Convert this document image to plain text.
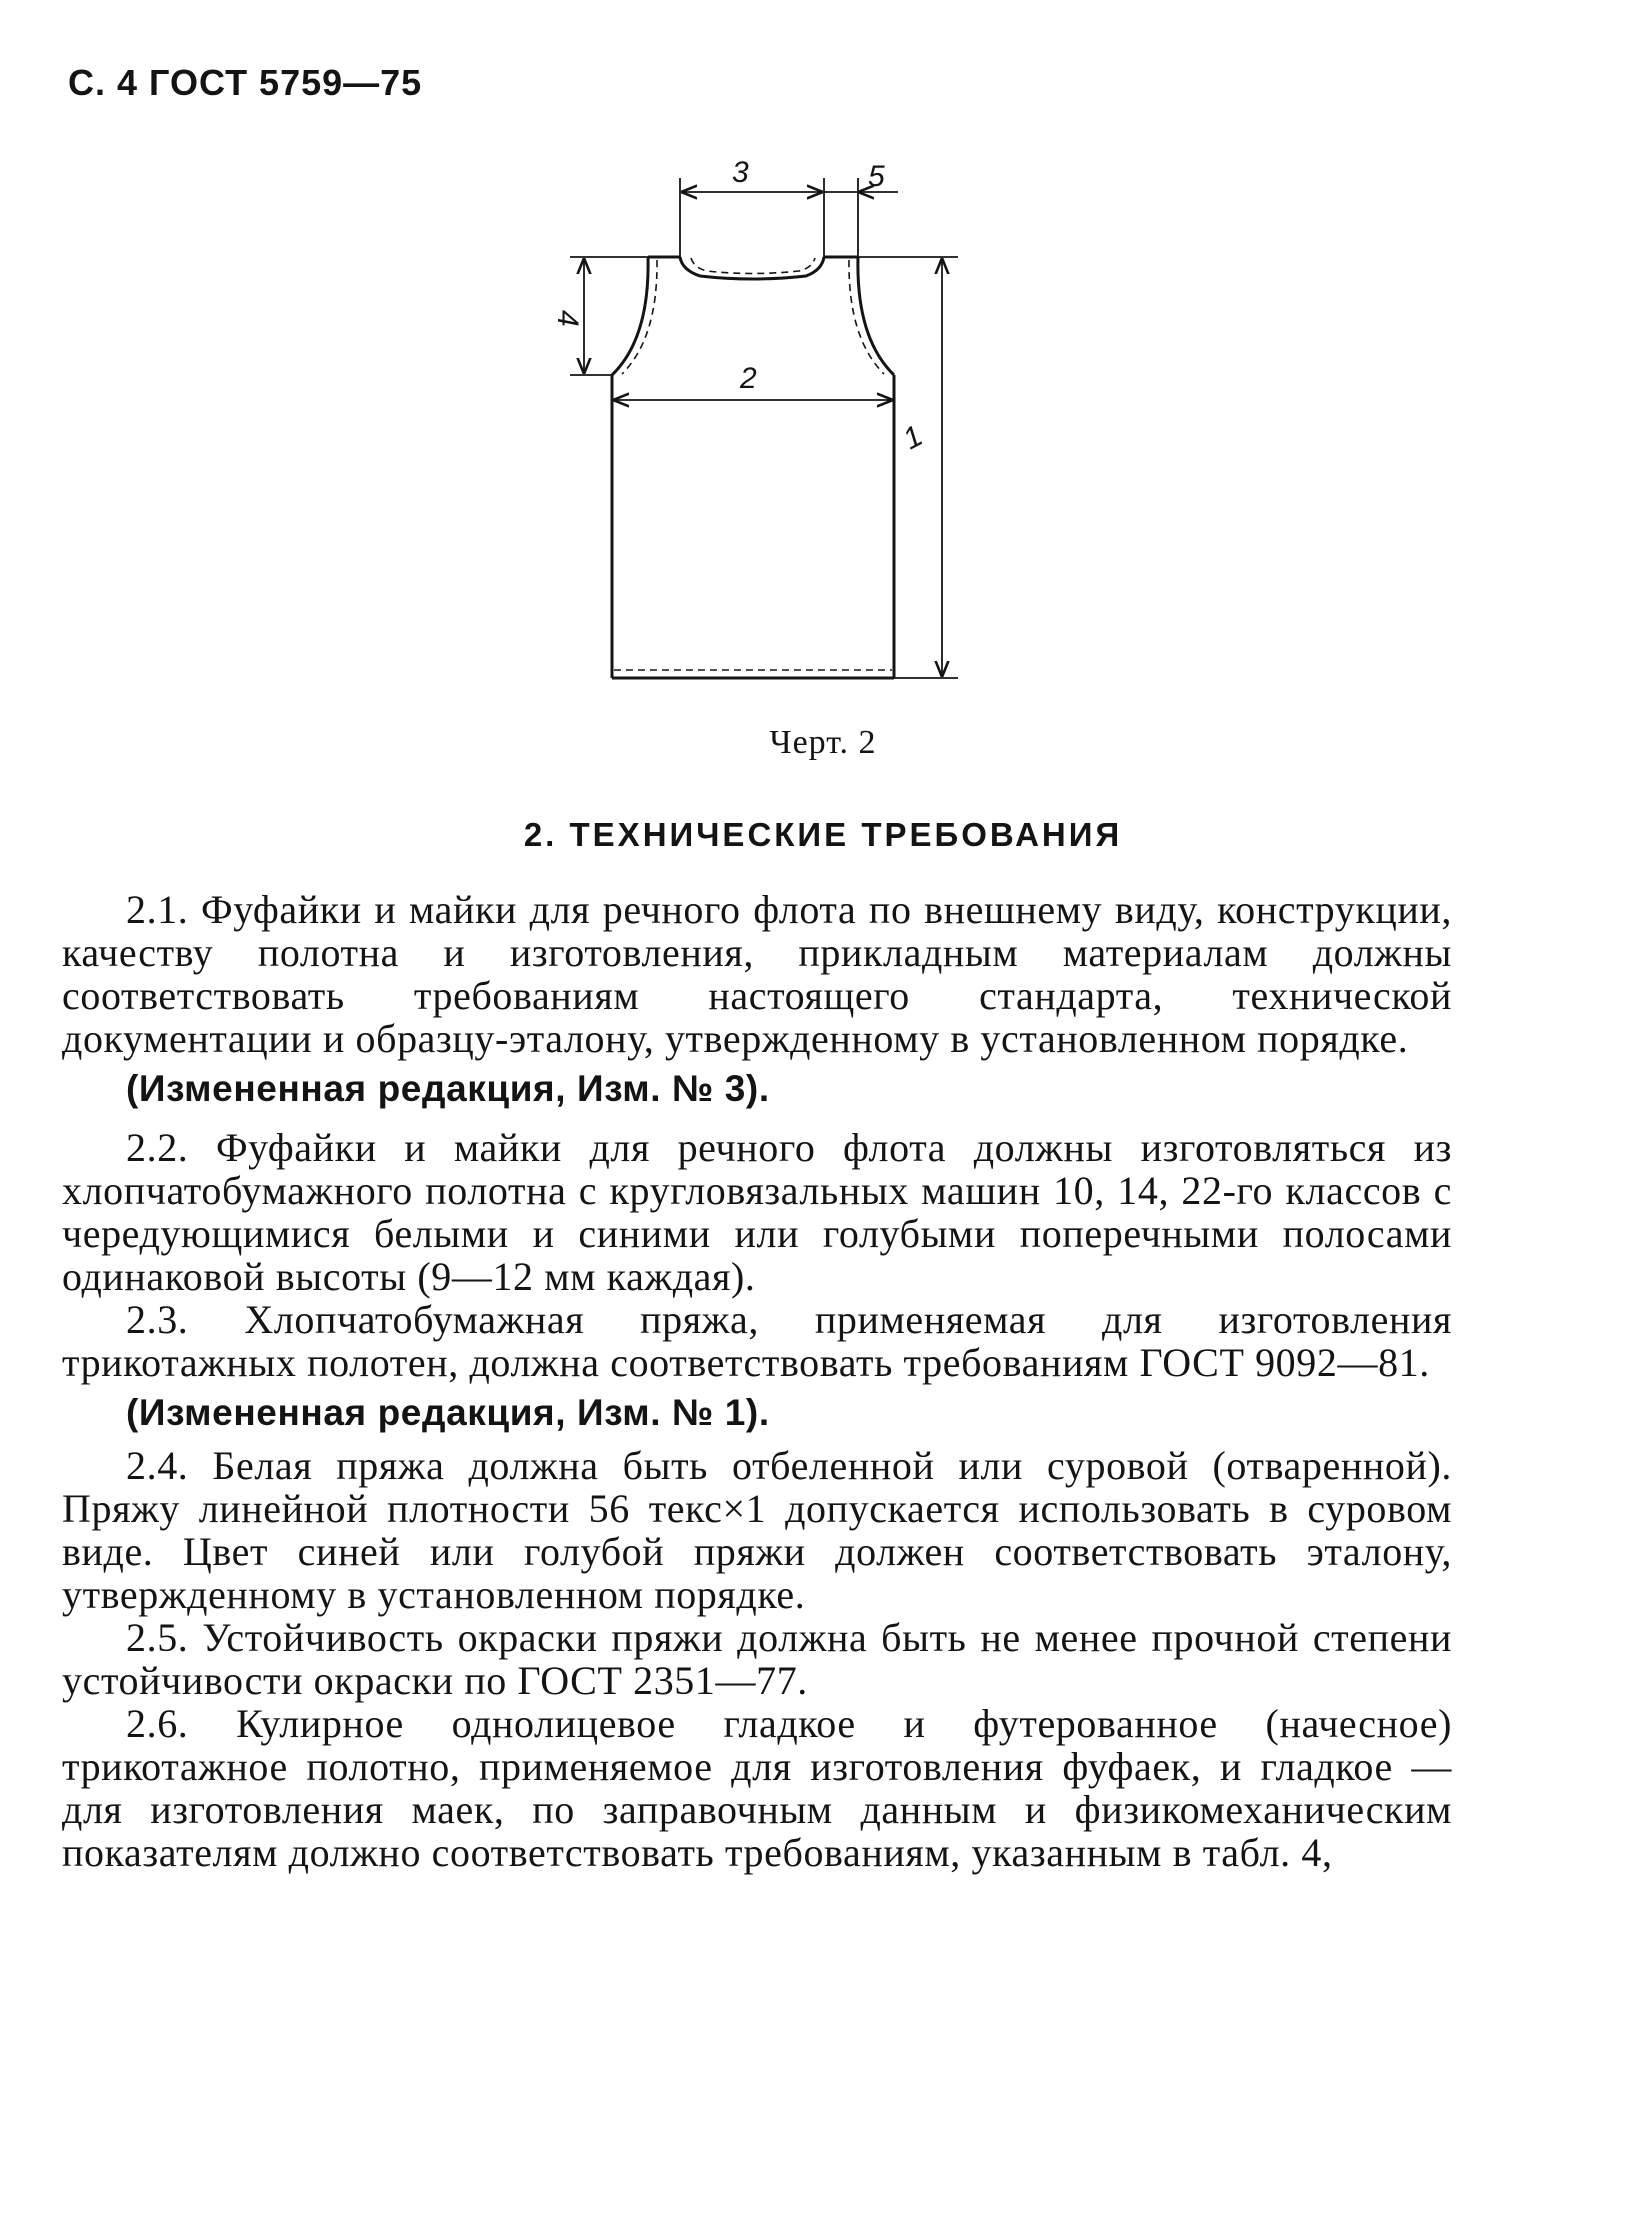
С. 4 ГОСТ 5759—75
3	5
4
2
1
Черт. 2
2. ТЕХНИЧЕСКИЕ ТРЕБОВАНИЯ

2.1. Фуфайки и майки для речного флота по внешнему виду, конструкции, качеству полотна и изготовления, прикладным материалам должны соответствовать требованиям настоящего стандарта, технической документации и образцу-эталону, утвержденному в установленном порядке.

(Измененная редакция, Изм. № 3).

2.2. Фуфайки и майки для речного флота должны изготовляться из хлопчатобумажного полотна с кругловязальных машин 10, 14, 22-го классов с чередующимися белыми и синими или голубыми поперечными полосами одинаковой высоты (9—12 мм каждая).

2.3. Хлопчатобумажная пряжа, применяемая для изготовления трикотажных полотен, должна соответствовать требованиям ГОСТ 9092—81.

(Измененная редакция, Изм. № 1).

2.4. Белая пряжа должна быть отбеленной или суровой (отваренной). Пряжу линейной плотности 56 текс×1 допускается использовать в суровом виде. Цвет синей или голубой пряжи должен соответствовать эталону, утвержденному в установленном порядке.

2.5. Устойчивость окраски пряжи должна быть не менее прочной степени устойчивости окраски по ГОСТ 2351—77.

2.6. Кулирное однолицевое гладкое и футерованное (начесное) трикотажное полотно, применяемое для изготовления фуфаек, и гладкое — для изготовления маек, по заправочным данным и физикомеханическим показателям должно соответствовать требованиям, указанным в табл. 4,
